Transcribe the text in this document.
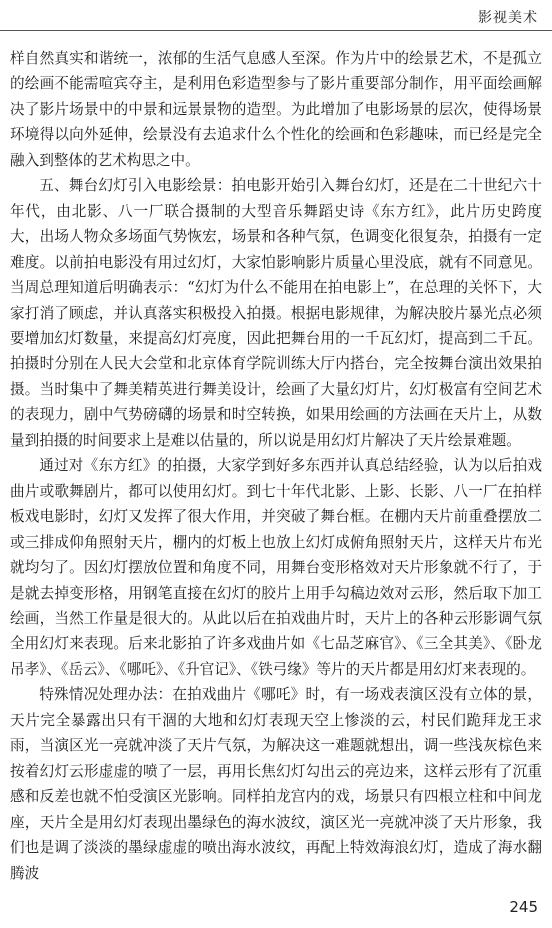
影视美术

样自然真实和谐统一，浓郁的生活气息感人至深。作为片中的绘景艺术，不是孤立的绘画不能需喧宾夺主，是利用色彩造型参与了影片重要部分制作，用平面绘画解决了影片场景中的中景和远景景物的造型。为此增加了电影场景的层次，使得场景环境得以向外延伸，绘景没有去追求什么个性化的绘画和色彩趣味，而已经是完全融入到整体的艺术构思之中。

五、舞台幻灯引入电影绘景：拍电影开始引入舞台幻灯，还是在二十世纪六十年代，由北影、八一厂联合摄制的大型音乐舞蹈史诗《东方红》，此片历史跨度大，出场人物众多场面气势恢宏，场景和各种气氛，色调变化很复杂，拍摄有一定难度。以前拍电影没有用过幻灯，大家怕影响影片质量心里没底，就有不同意见。当周总理知道后明确表示：“幻灯为什么不能用在拍电影上”，在总理的关怀下，大家打消了顾虑，并认真落实积极投入拍摄。根据电影规律，为解决胶片暴光点必须要增加幻灯数量，来提高幻灯亮度，因此把舞台用的一千瓦幻灯，提高到二千瓦。拍摄时分别在人民大会堂和北京体育学院训练大厅内搭台，完全按舞台演出效果拍摄。当时集中了舞美精英进行舞美设计，绘画了大量幻灯片，幻灯极富有空间艺术的表现力，剧中气势磅礴的场景和时空转换，如果用绘画的方法画在天片上，从数量到拍摄的时间要求上是难以估量的，所以说是用幻灯片解决了天片绘景难题。

通过对《东方红》的拍摄，大家学到好多东西并认真总结经验，认为以后拍戏曲片或歌舞剧片，都可以使用幻灯。到七十年代北影、上影、长影、八一厂在拍样板戏电影时，幻灯又发挥了很大作用，并突破了舞台框。在棚内天片前重叠摆放二或三排成仰角照射天片，棚内的灯板上也放上幻灯成俯角照射天片，这样天片布光就均匀了。因幻灯摆放位置和角度不同，用舞台变形格效对天片形象就不行了，于是就去掉变形格，用钢笔直接在幻灯的胶片上用手勾稿边效对云形，然后取下加工绘画，当然工作量是很大的。从此以后在拍戏曲片时，天片上的各种云形影调气氛全用幻灯来表现。后来北影拍了许多戏曲片如《七品芝麻官》、《三全其美》、《卧龙吊孝》、《岳云》、《哪吒》、《升官记》、《铁弓缘》等片的天片都是用幻灯来表现的。

特殊情况处理办法：在拍戏曲片《哪吒》时，有一场戏表演区没有立体的景，天片完全暴露出只有干涸的大地和幻灯表现天空上惨淡的云，村民们跪拜龙王求雨，当演区光一亮就冲淡了天片气氛，为解决这一难题就想出，调一些浅灰棕色来按着幻灯云形虚虚的喷了一层，再用长焦幻灯勾出云的亮边来，这样云形有了沉重感和反差也就不怕受演区光影响。同样拍龙宫内的戏，场景只有四根立柱和中间龙座，天片全是用幻灯表现出墨绿色的海水波纹，演区光一亮就冲淡了天片形象，我们也是调了淡淡的墨绿虚虚的喷出海水波纹，再配上特效海浪幻灯，造成了海水翻腾波

245
